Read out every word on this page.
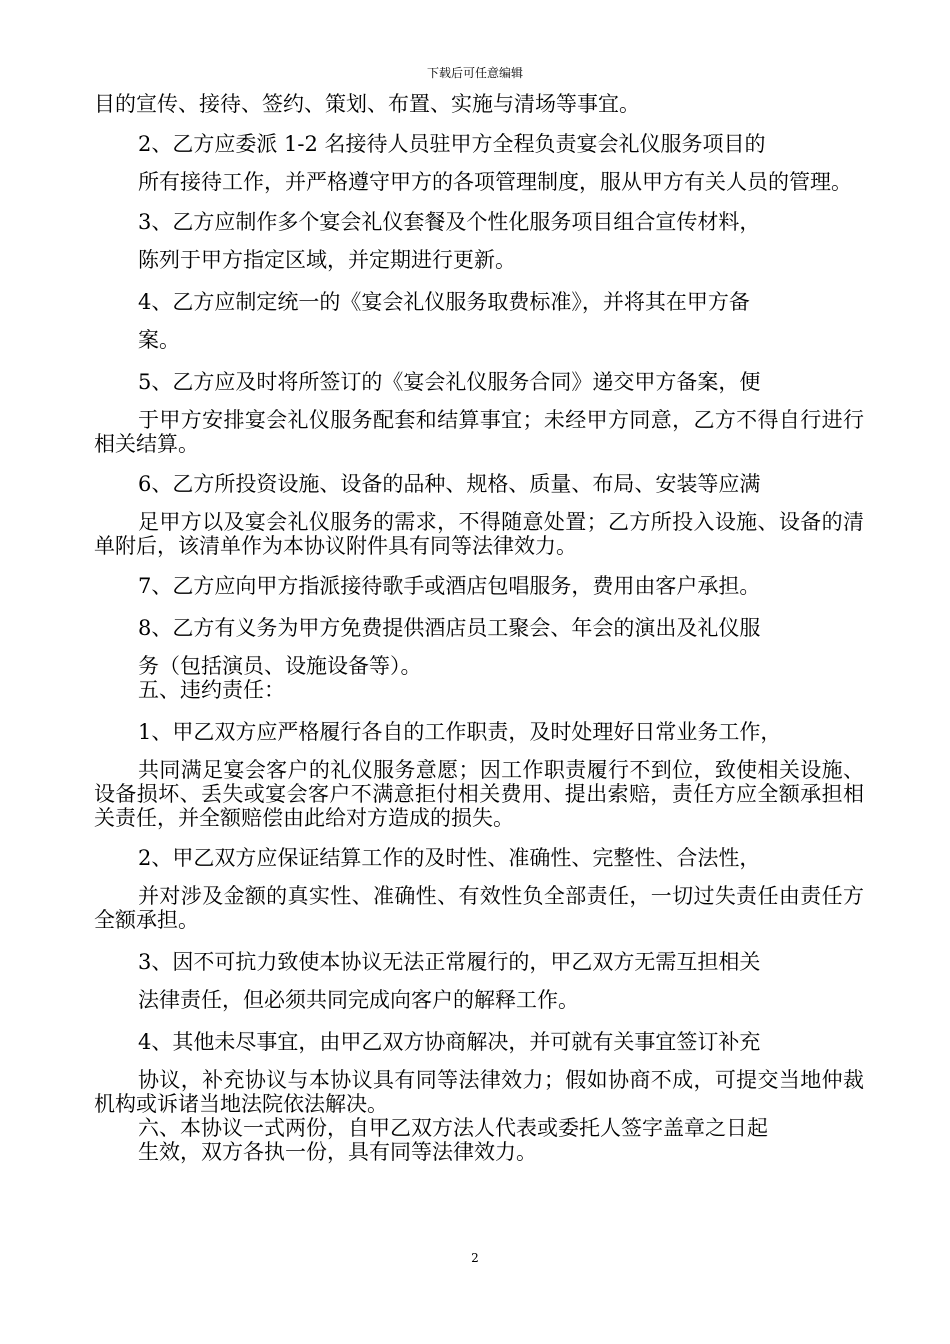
下载后可任意编辑

目的宣传、接待、签约、策划、布置、实施与清场等事宜。

2、乙方应委派 1-2 名接待人员驻甲方全程负责宴会礼仪服务项目的
所有接待工作，并严格遵守甲方的各项管理制度，服从甲方有关人员的管理。

3、乙方应制作多个宴会礼仪套餐及个性化服务项目组合宣传材料，
陈列于甲方指定区域，并定期进行更新。

4、乙方应制定统一的《宴会礼仪服务取费标准》，并将其在甲方备
案。

5、乙方应及时将所签订的《宴会礼仪服务合同》递交甲方备案，便
于甲方安排宴会礼仪服务配套和结算事宜；未经甲方同意，乙方不得自行进行相关结算。

6、乙方所投资设施、设备的品种、规格、质量、布局、安装等应满
足甲方以及宴会礼仪服务的需求，不得随意处置；乙方所投入设施、设备的清单附后，该清单作为本协议附件具有同等法律效力。

7、乙方应向甲方指派接待歌手或酒店包唱服务，费用由客户承担。

8、乙方有义务为甲方免费提供酒店员工聚会、年会的演出及礼仪服
务（包括演员、设施设备等）。

五、违约责任：

1、甲乙双方应严格履行各自的工作职责，及时处理好日常业务工作，
共同满足宴会客户的礼仪服务意愿；因工作职责履行不到位，致使相关设施、设备损坏、丢失或宴会客户不满意拒付相关费用、提出索赔，责任方应全额承担相关责任，并全额赔偿由此给对方造成的损失。

2、甲乙双方应保证结算工作的及时性、准确性、完整性、合法性，
并对涉及金额的真实性、准确性、有效性负全部责任，一切过失责任由责任方全额承担。

3、因不可抗力致使本协议无法正常履行的，甲乙双方无需互担相关
法律责任，但必须共同完成向客户的解释工作。

4、其他未尽事宜，由甲乙双方协商解决，并可就有关事宜签订补充
协议，补充协议与本协议具有同等法律效力；假如协商不成，可提交当地仲裁机构或诉诸当地法院依法解决。

六、本协议一式两份，自甲乙双方法人代表或委托人签字盖章之日起
生效，双方各执一份，具有同等法律效力。

2
